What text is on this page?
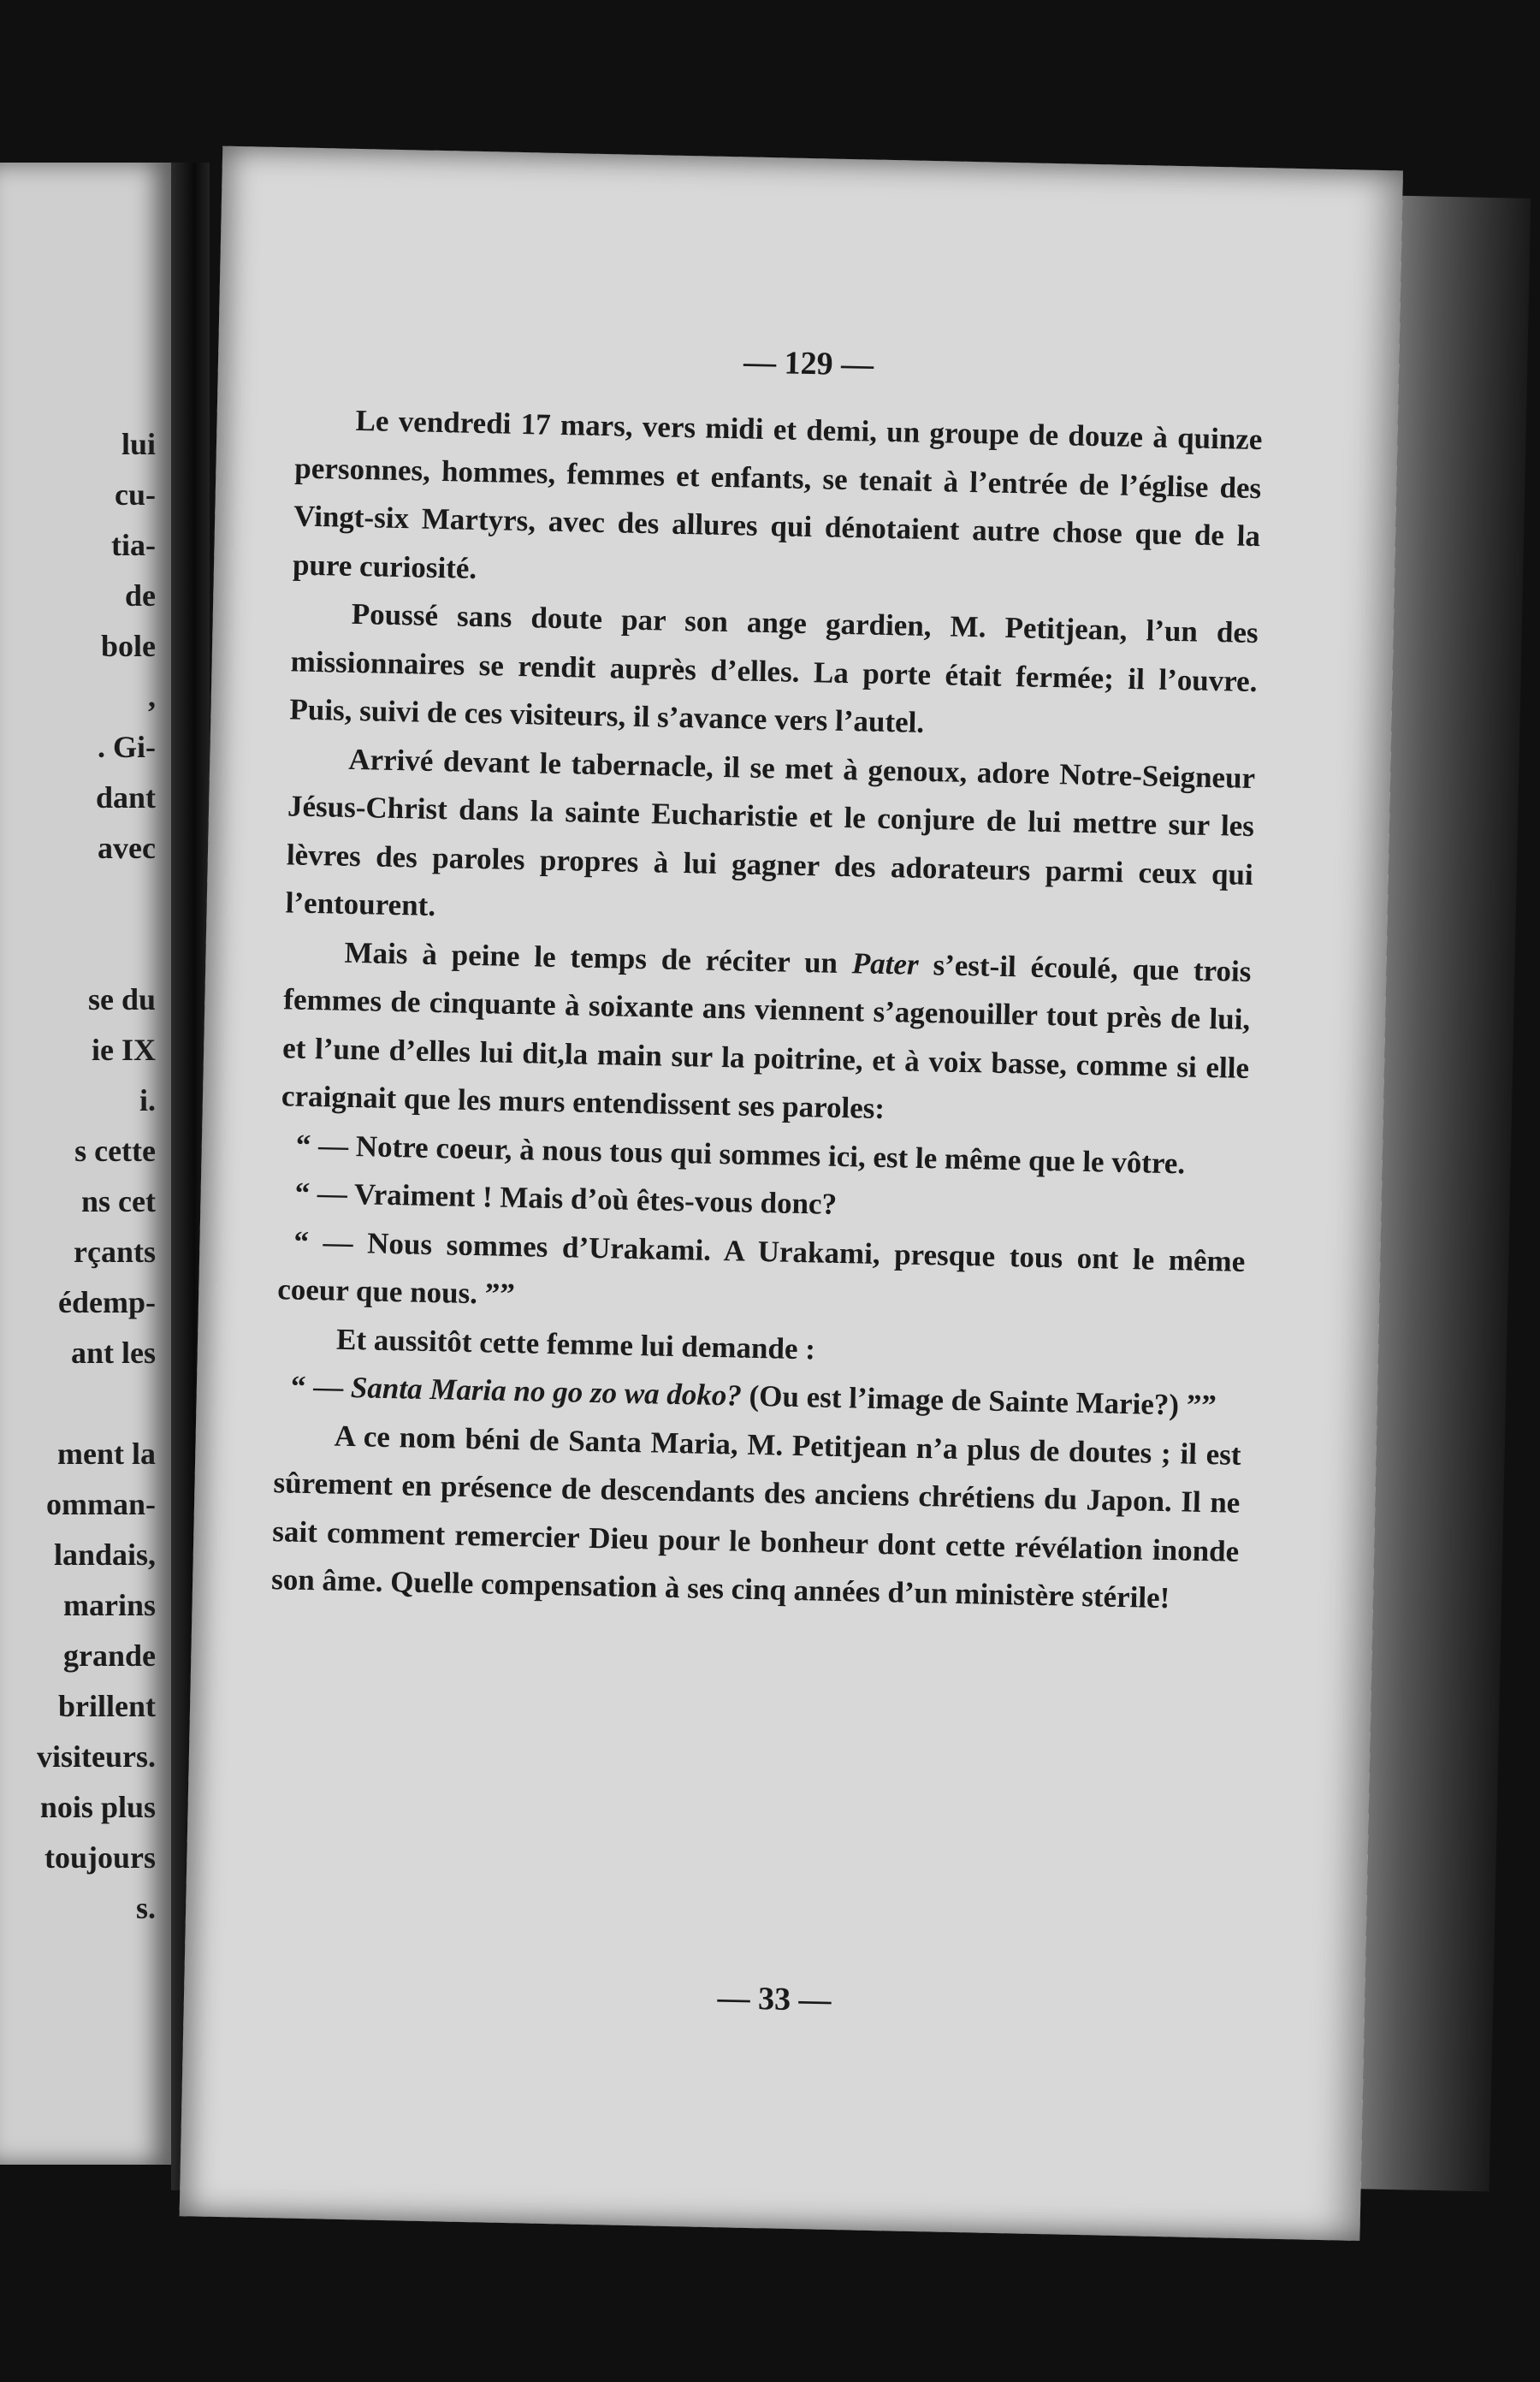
lui
cu-
tia-
de
bole
,
. Gi-
dant
avec
se du
ie IX
i.
s cette
ns cet
rçants
édemp-
ant les
ment la
omman-
landais,
marins
grande
brillent
visiteurs.
nois plus
toujours
s.
— 129 —

Le vendredi 17 mars, vers midi et demi, un groupe de douze à quinze personnes, hommes, femmes et enfants, se tenait à l’entrée de l’église des Vingt-six Martyrs, avec des allures qui dénotaient autre chose que de la pure curiosité.

Poussé sans doute par son ange gardien, M. Petitjean, l’un des missionnaires se rendit auprès d’elles. La porte était fermée; il l’ouvre. Puis, suivi de ces visiteurs, il s’avance vers l’autel.

Arrivé devant le tabernacle, il se met à genoux, adore Notre-Seigneur Jésus-Christ dans la sainte Eucharistie et le conjure de lui mettre sur les lèvres des paroles propres à lui gagner des adorateurs parmi ceux qui l’entourent.

Mais à peine le temps de réciter un Pater s’est-il écoulé, que trois femmes de cinquante à soixante ans viennent s’agenouiller tout près de lui, et l’une d’elles lui dit,la main sur la poitrine, et à voix basse, comme si elle craignait que les murs entendissent ses paroles:

“ — Notre coeur, à nous tous qui sommes ici, est le même que le vôtre.

“ — Vraiment ! Mais d’où êtes-vous donc?

“ — Nous sommes d’Urakami. A Urakami, presque tous ont le même coeur que nous. ””

Et aussitôt cette femme lui demande :

“ — Santa Maria no go zo wa doko? (Ou est l’image de Sainte Marie?) ””

A ce nom béni de Santa Maria, M. Petitjean n’a plus de doutes ; il est sûrement en présence de descendants des anciens chrétiens du Japon. Il ne sait comment remercier Dieu pour le bonheur dont cette révélation inonde son âme. Quelle compensation à ses cinq années d’un ministère stérile!

— 33 —
